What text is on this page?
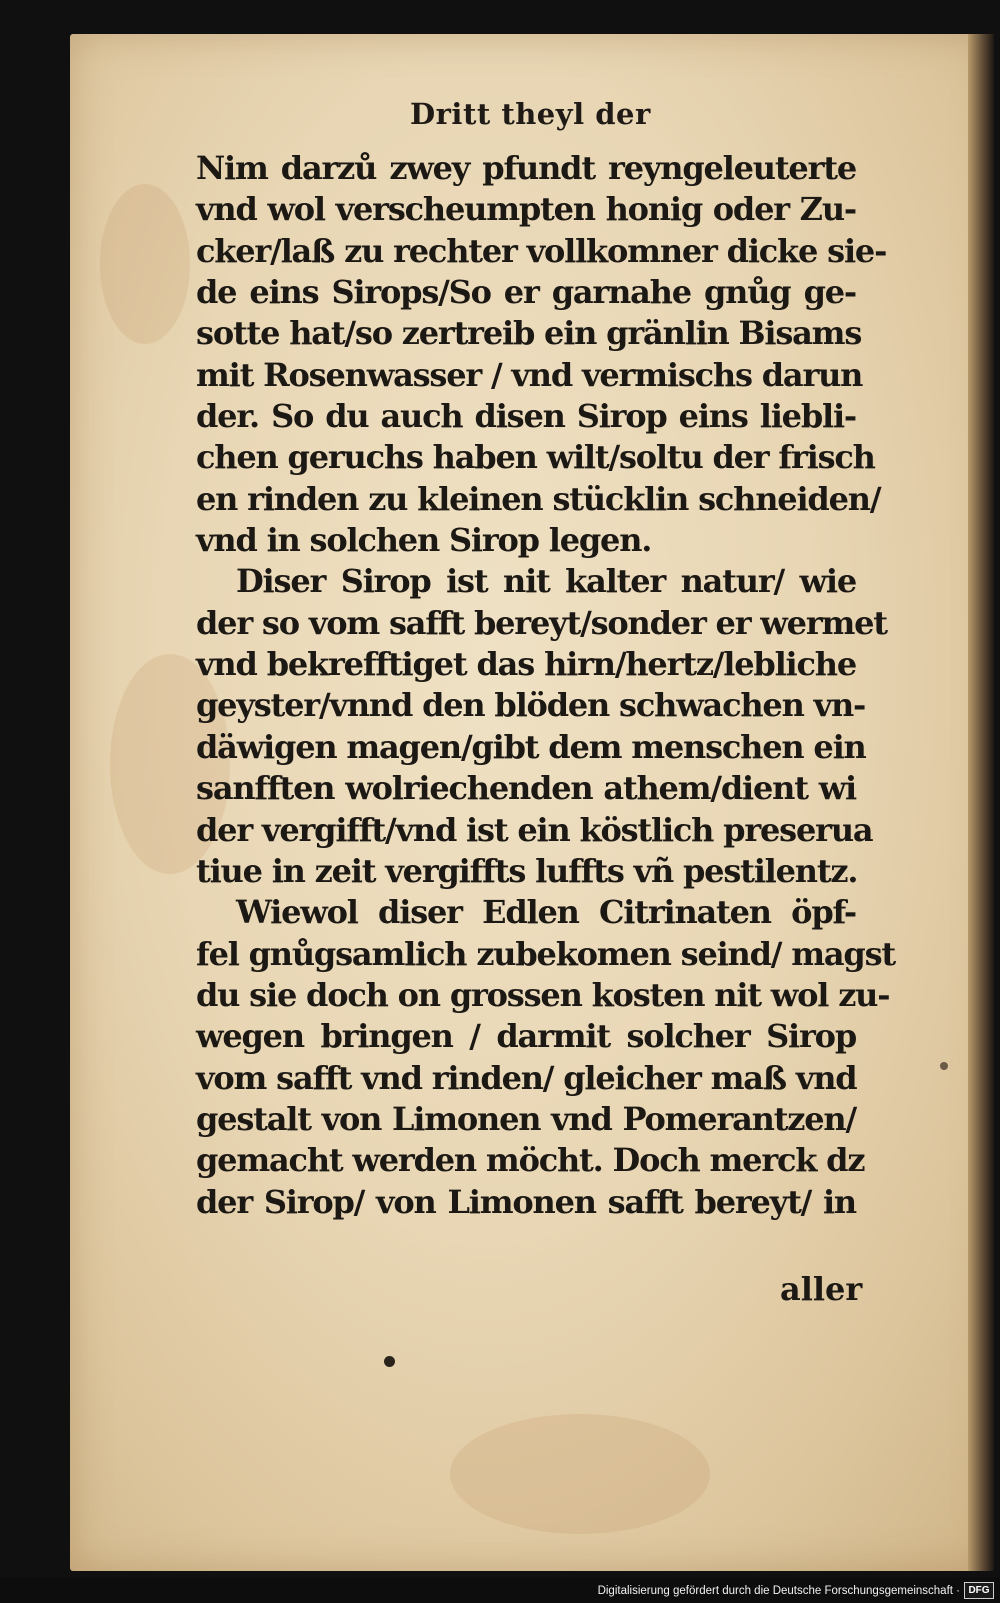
Dritt theyl der
Nim darzů zwey pfundt reyngeleuterte
vnd wol verscheumpten honig oder Zu-
cker/laß zu rechter vollkomner dicke sie-
de eins Sirops/So er garnahe gnůg ge-
sotte hat/so zertreib ein gränlin Bisams
mit Rosenwasser / vnd vermischs darun
der. So du auch disen Sirop eins liebli-
chen geruchs haben wilt/soltu der frisch
en rinden zu kleinen stücklin schneiden/
vnd in solchen Sirop legen.
Diser Sirop ist nit kalter natur/ wie
der so vom safft bereyt/sonder er wermet
vnd bekrefftiget das hirn/hertz/lebliche
geyster/vnnd den blöden schwachen vn-
däwigen magen/gibt dem menschen ein
sanfften wolriechenden athem/dient wi
der vergifft/vnd ist ein köstlich preserua
tiue in zeit vergiffts luffts vñ pestilentz.
Wiewol diser Edlen Citrinaten öpf-
fel gnůgsamlich zubekomen seind/ magst
du sie doch on grossen kosten nit wol zu-
wegen bringen / darmit solcher Sirop
vom safft vnd rinden/ gleicher maß vnd
gestalt von Limonen vnd Pomerantzen/
gemacht werden möcht. Doch merck dz
der Sirop/ von Limonen safft bereyt/ in
aller
Digitalisierung gefördert durch die Deutsche Forschungsgemeinschaft · DFG
